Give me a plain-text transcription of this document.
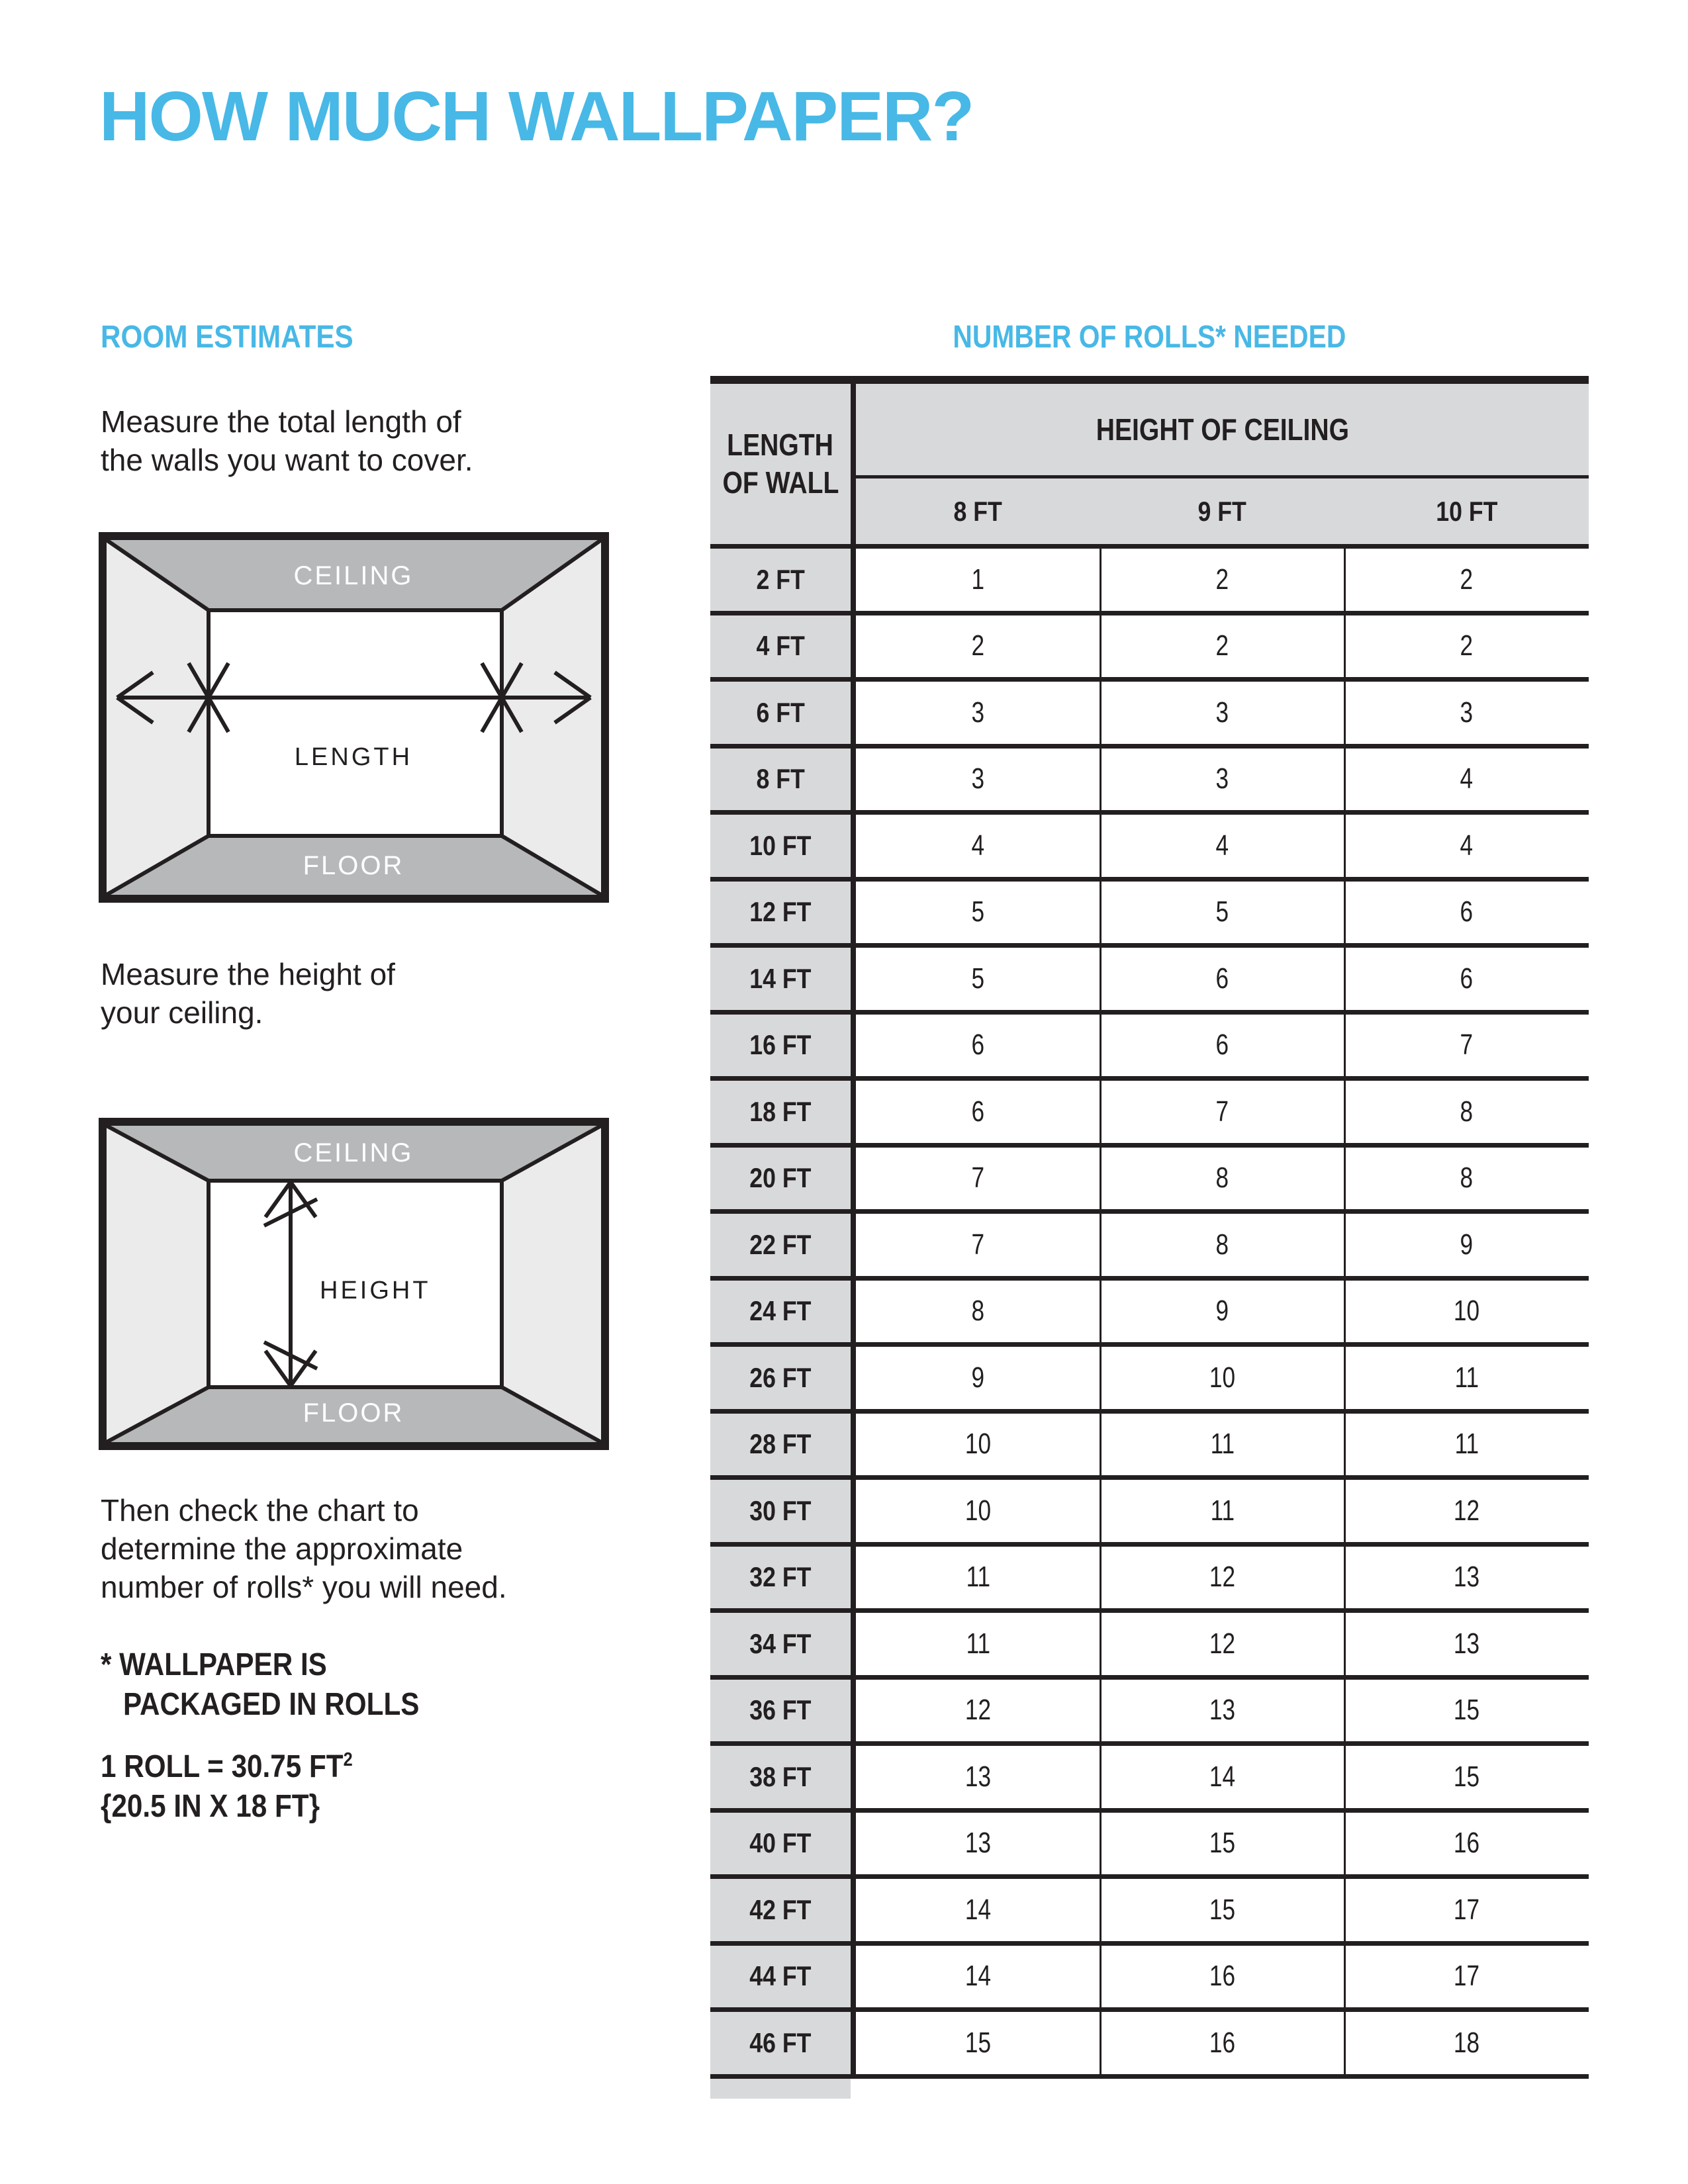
HOW MUCH WALLPAPER?
ROOM ESTIMATES
Measure the total length of
the walls you want to cover.
CEILING
FLOOR
LENGTH
Measure the height of
your ceiling.
CEILING
FLOOR
HEIGHT
Then check the chart to
determine the approximate
number of rolls* you will need.
* WALLPAPER IS
PACKAGED IN ROLLS
1 ROLL = 30.75 $FT^2$
{20.5 IN X 18 FT}
NUMBER OF ROLLS* NEEDED
LENGTH
OF WALL
HEIGHT OF CEILING
8 FT	9 FT	10 FT
2 FT	1	2	2
4 FT	2	2	2
6 FT	3	3	3
8 FT	3	3	4
10 FT	4	4	4
12 FT	5	5	6
14 FT	5	6	6
16 FT	6	6	7
18 FT	6	7	8
20 FT	7	8	8
22 FT	7	8	9
24 FT	8	9	10
26 FT	9	10	11
28 FT	10	11	11
30 FT	10	11	12
32 FT	11	12	13
34 FT	11	12	13
36 FT	12	13	15
38 FT	13	14	15
40 FT	13	15	16
42 FT	14	15	17
44 FT	14	16	17
46 FT	15	16	18
